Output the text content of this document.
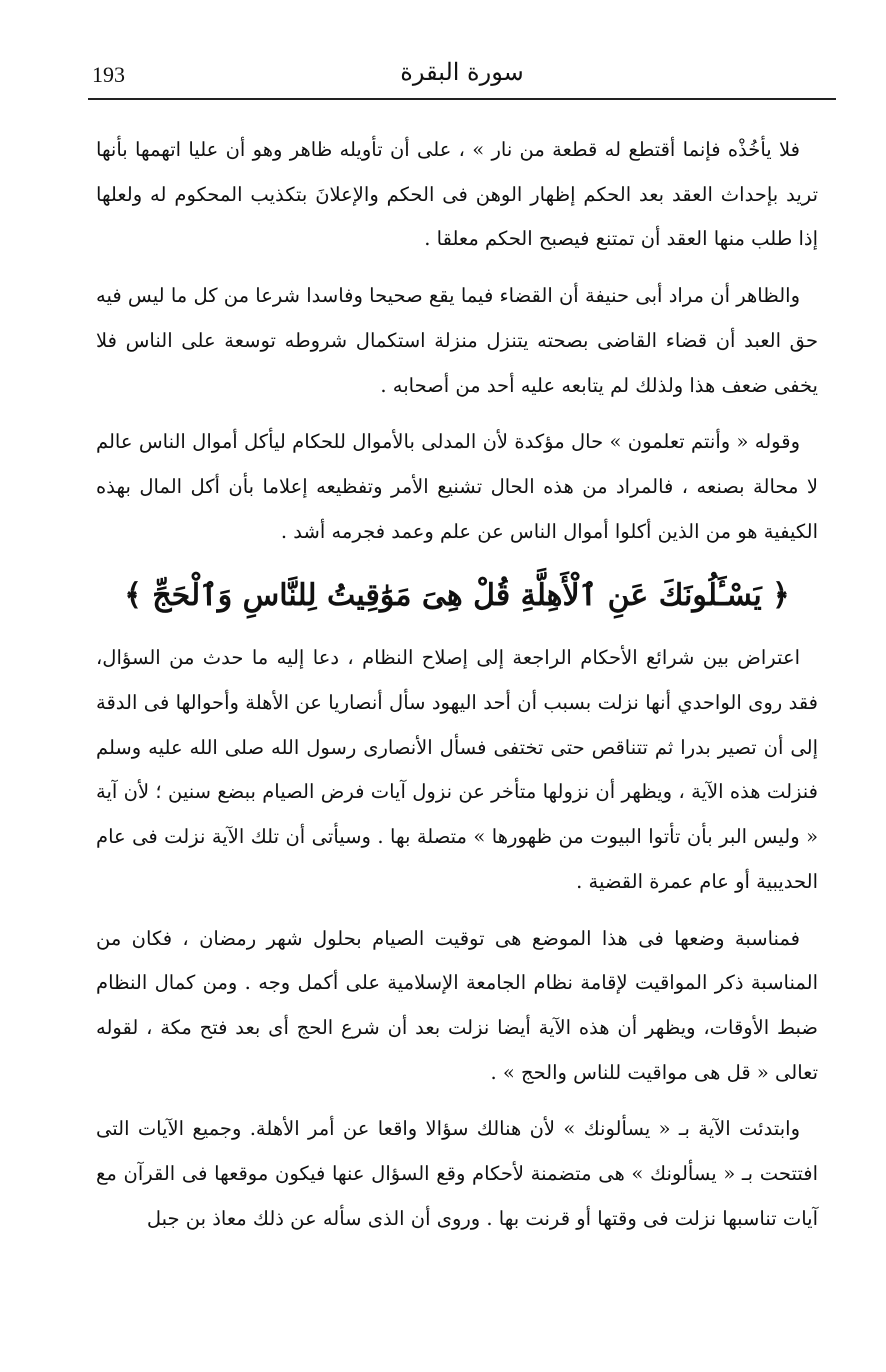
193	سورة البقرة

فلا يأخُذْه فإنما أقتطع له قطعة من نار » ، على أن تأويله ظاهر وهو أن عليا اتهمها بأنها تريد بإحداث العقد بعد الحكم إظهار الوهن فى الحكم والإعلانَ بتكذيب المحكوم له ولعلها إذا طلب منها العقد أن تمتنع فيصبح الحكم معلقا .

والظاهر أن مراد أبى حنيفة أن القضاء فيما يقع صحيحا وفاسدا شرعا من كل ما ليس فيه حق العبد أن قضاء القاضى بصحته يتنزل منزلة استكمال شروطه توسعة على الناس فلا يخفى ضعف هذا ولذلك لم يتابعه عليه أحد من أصحابه .

وقوله « وأنتم تعلمون » حال مؤكدة لأن المدلى بالأموال للحكام ليأكل أموال الناس عالم لا محالة بصنعه ، فالمراد من هذه الحال تشنيع الأمر وتفظيعه إعلاما بأن أكل المال بهذه الكيفية هو من الذين أكلوا أموال الناس عن علم وعمد فجرمه أشد .

﴿ يَسْـَٔلُونَكَ عَنِ ٱلْأَهِلَّةِ قُلْ هِىَ مَوَٰقِيتُ لِلنَّاسِ وَٱلْحَجِّ ﴾

اعتراض بين شرائع الأحكام الراجعة إلى إصلاح النظام ، دعا إليه ما حدث من السؤال، فقد روى الواحدي أنها نزلت بسبب أن أحد اليهود سأل أنصاريا عن الأهلة وأحوالها فى الدقة إلى أن تصير بدرا ثم تتناقص حتى تختفى فسأل الأنصارى رسول الله صلى الله عليه وسلم فنزلت هذه الآية ، ويظهر أن نزولها متأخر عن نزول آيات فرض الصيام ببضع سنين ؛ لأن آية « وليس البر بأن تأتوا البيوت من ظهورها » متصلة بها . وسيأتى أن تلك الآية نزلت فى عام الحديبية أو عام عمرة القضية .

فمناسبة وضعها فى هذا الموضع هى توقيت الصيام بحلول شهر رمضان ، فكان من المناسبة ذكر المواقيت لإقامة نظام الجامعة الإسلامية على أكمل وجه . ومن كمال النظام ضبط الأوقات، ويظهر أن هذه الآية أيضا نزلت بعد أن شرع الحج أى بعد فتح مكة ، لقوله تعالى « قل هى مواقيت للناس والحج » .

وابتدئت الآية بـ « يسألونك » لأن هنالك سؤالا واقعا عن أمر الأهلة. وجميع الآيات التى افتتحت بـ « يسألونك » هى متضمنة لأحكام وقع السؤال عنها فيكون موقعها فى القرآن مع آيات تناسبها نزلت فى وقتها أو قرنت بها . وروى أن الذى سأله عن ذلك معاذ بن جبل
